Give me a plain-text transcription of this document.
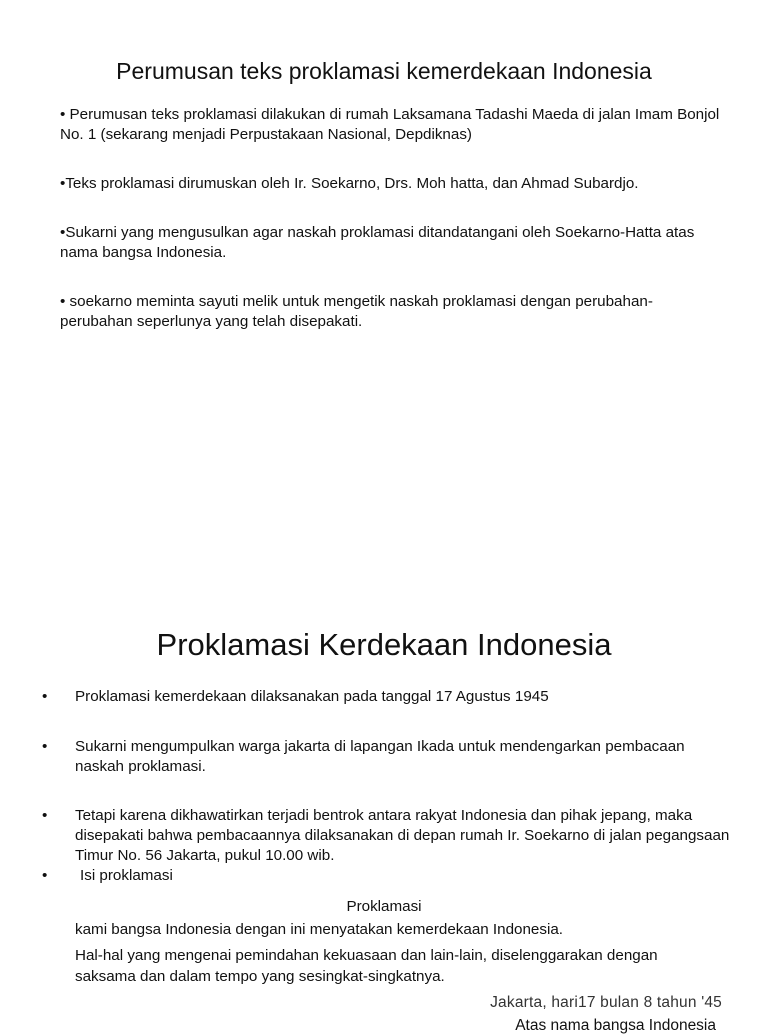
Perumusan teks proklamasi kemerdekaan Indonesia

• Perumusan teks proklamasi dilakukan di rumah Laksamana Tadashi Maeda di jalan Imam Bonjol No. 1 (sekarang menjadi Perpustakaan Nasional, Depdiknas)

•Teks proklamasi dirumuskan oleh Ir. Soekarno, Drs. Moh hatta, dan Ahmad Subardjo.

•Sukarni yang mengusulkan agar naskah proklamasi ditandatangani oleh Soekarno-Hatta atas nama bangsa Indonesia.

• soekarno meminta sayuti melik untuk mengetik naskah proklamasi dengan perubahan-perubahan seperlunya yang telah disepakati.

Proklamasi Kerdekaan Indonesia
•	Proklamasi kemerdekaan dilaksanakan pada tanggal 17 Agustus 1945
•	Sukarni mengumpulkan warga jakarta di lapangan Ikada untuk mendengarkan pembacaan naskah proklamasi.
•	Tetapi karena dikhawatirkan terjadi bentrok antara rakyat Indonesia dan pihak jepang, maka disepakati bahwa pembacaannya dilaksanakan di depan rumah Ir. Soekarno di jalan pegangsaan Timur No. 56 Jakarta, pukul 10.00 wib.
•	Isi proklamasi
Proklamasi
kami bangsa Indonesia dengan ini menyatakan kemerdekaan Indonesia.
Hal-hal yang mengenai pemindahan kekuasaan dan lain-lain, diselenggarakan dengan saksama dan dalam tempo yang sesingkat-singkatnya.
Jakarta, hari17 bulan 8 tahun '45
Atas nama bangsa Indonesia
